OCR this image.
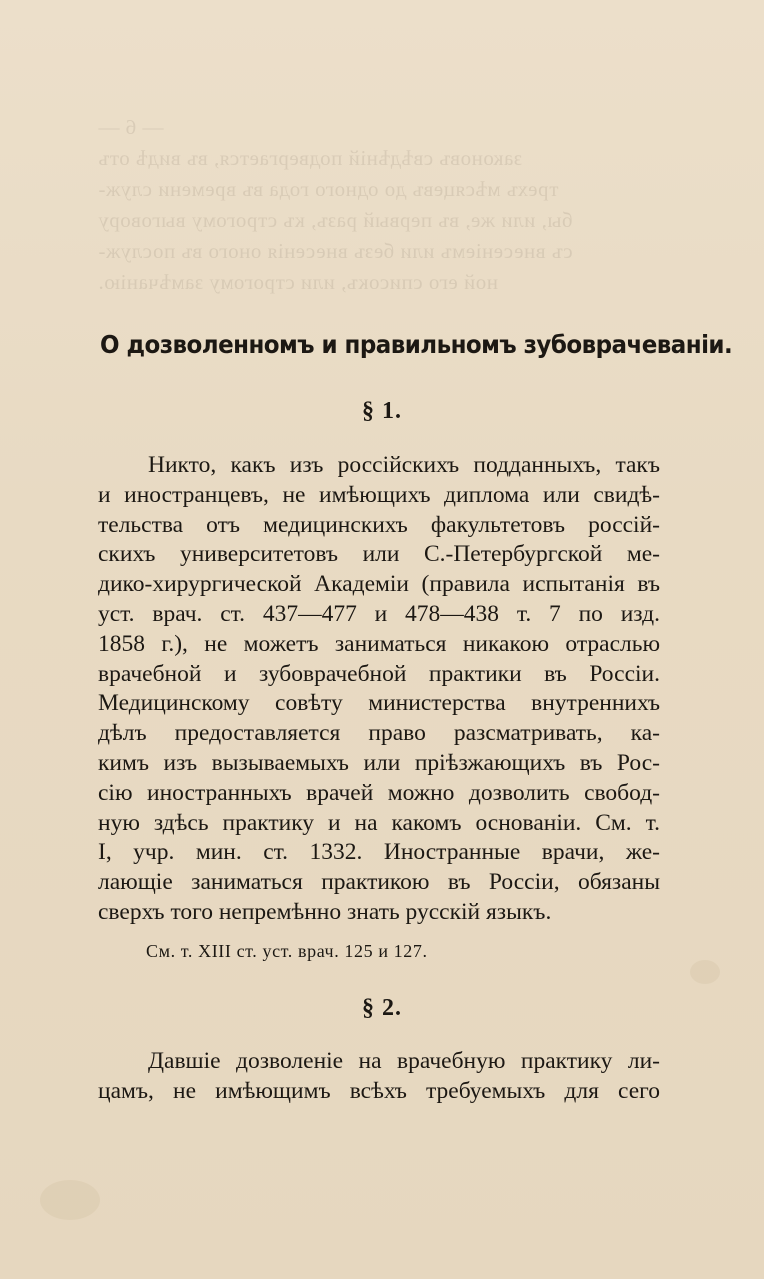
— 6 —
законовъ свѣдѣнiй подвергается, въ видѣ отъ
трехъ мѣсяцевъ до одного года въ времени служ-
бы, или же, въ первый разъ, къ строгому выговору
съ внесенiемъ или безъ внесенiя оного въ послуж-
ной его списокъ, или строгому замѣчанiю.
О дозволенномъ и правильномъ зубоврачеванiи.
§ 1.
Никто, какъ изъ россiйскихъ подданныхъ, такъ
и иностранцевъ, не имѣющихъ диплома или свидѣ-
тельства отъ медицинскихъ факультетовъ россiй-
скихъ университетовъ или С.-Петербургской ме-
дико-хирургической Академiи (правила испытанiя въ
уст. врач. ст. 437—477 и 478—438 т. 7 по изд.
1858 г.), не можетъ заниматься никакою отраслью
врачебной и зубоврачебной практики въ Россiи.
Медицинскому совѣту министерства внутреннихъ
дѣлъ предоставляется право разсматривать, ка-
кимъ изъ вызываемыхъ или прiѣзжающихъ въ Рос-
сiю иностранныхъ врачей можно дозволить свобод-
ную здѣсь практику и на какомъ основанiи. См. т.
I, учр. мин. ст. 1332. Иностранные врачи, же-
лающiе заниматься практикою въ Россiи, обязаны
сверхъ того непремѣнно знать русскiй языкъ.
См. т. XIII ст. уст. врач. 125 и 127.
§ 2.
Давшiе дозволенiе на врачебную практику ли-
цамъ, не имѣющимъ всѣхъ требуемыхъ для сего
